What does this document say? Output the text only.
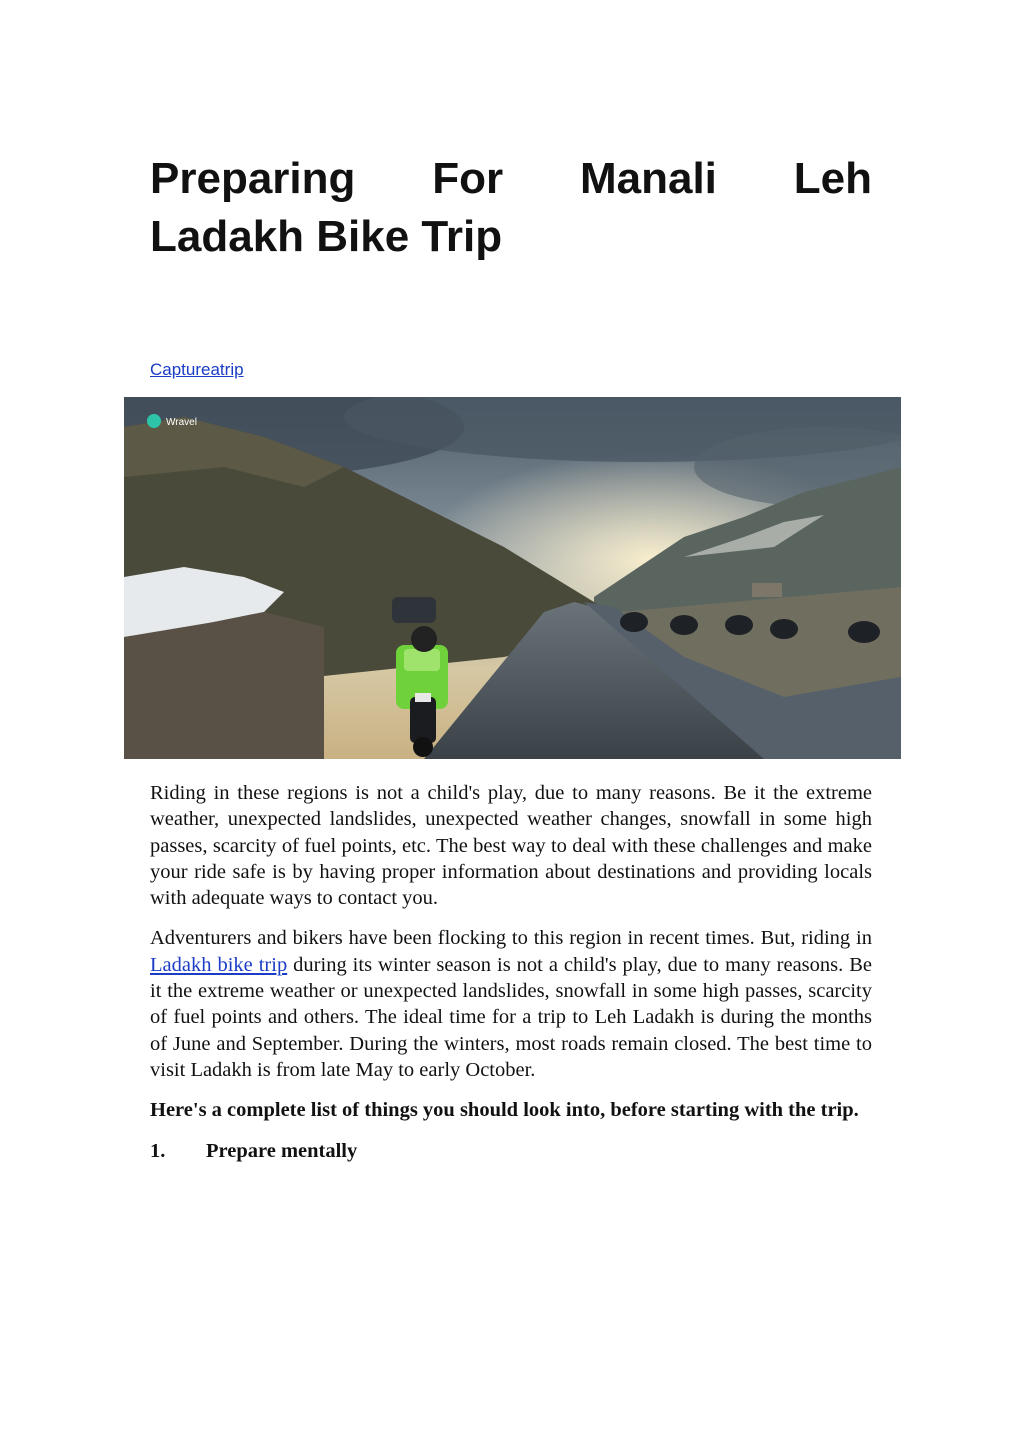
Preparing For Manali Leh
Ladakh Bike Trip
Captureatrip
Wravel

Riding in these regions is not a child's play, due to many reasons. Be it the extreme weather, unexpected landslides, unexpected weather changes, snowfall in some high passes, scarcity of fuel points, etc. The best way to deal with these challenges and make your ride safe is by having proper information about destinations and providing locals with adequate ways to contact you.

Adventurers and bikers have been flocking to this region in recent times. But, riding in Ladakh bike trip during its winter season is not a child's play, due to many reasons. Be it the extreme weather or unexpected landslides, snowfall in some high passes, scarcity of fuel points and others. The ideal time for a trip to Leh Ladakh is during the months of June and September. During the winters, most roads remain closed. The best time to visit Ladakh is from late May to early October.

Here's a complete list of things you should look into, before starting with the trip.

1.	Prepare mentally
